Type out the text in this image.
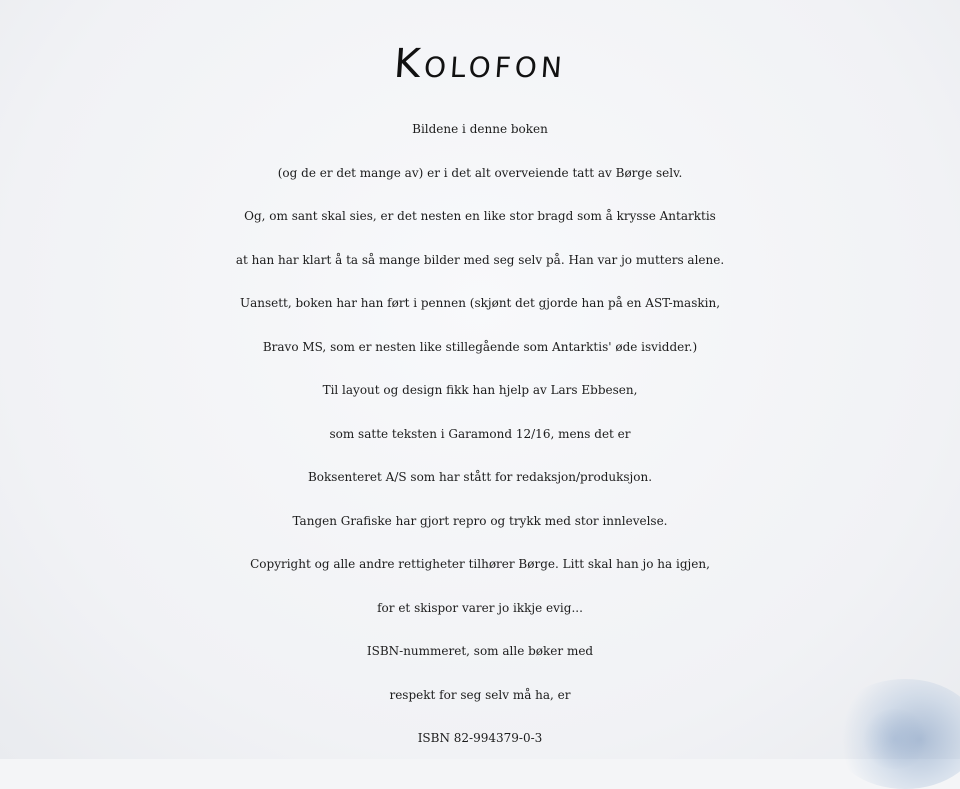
Kolofon
Bildene i denne boken
(og de er det mange av) er i det alt overveiende tatt av Børge selv.
Og, om sant skal sies, er det nesten en like stor bragd som å krysse Antarktis
at han har klart å ta så mange bilder med seg selv på. Han var jo mutters alene.
Uansett, boken har han ført i pennen (skjønt det gjorde han på en AST-maskin,
Bravo MS, som er nesten like stillegående som Antarktis' øde isvidder.)
Til layout og design fikk han hjelp av Lars Ebbesen,
som satte teksten i Garamond 12/16, mens det er
Boksenteret A/S som har stått for redaksjon/produksjon.
Tangen Grafiske har gjort repro og trykk med stor innlevelse.
Copyright og alle andre rettigheter tilhører Børge. Litt skal han jo ha igjen,
for et skispor varer jo ikkje evig...
ISBN-nummeret, som alle bøker med
respekt for seg selv må ha, er
ISBN 82-994379-0-3
